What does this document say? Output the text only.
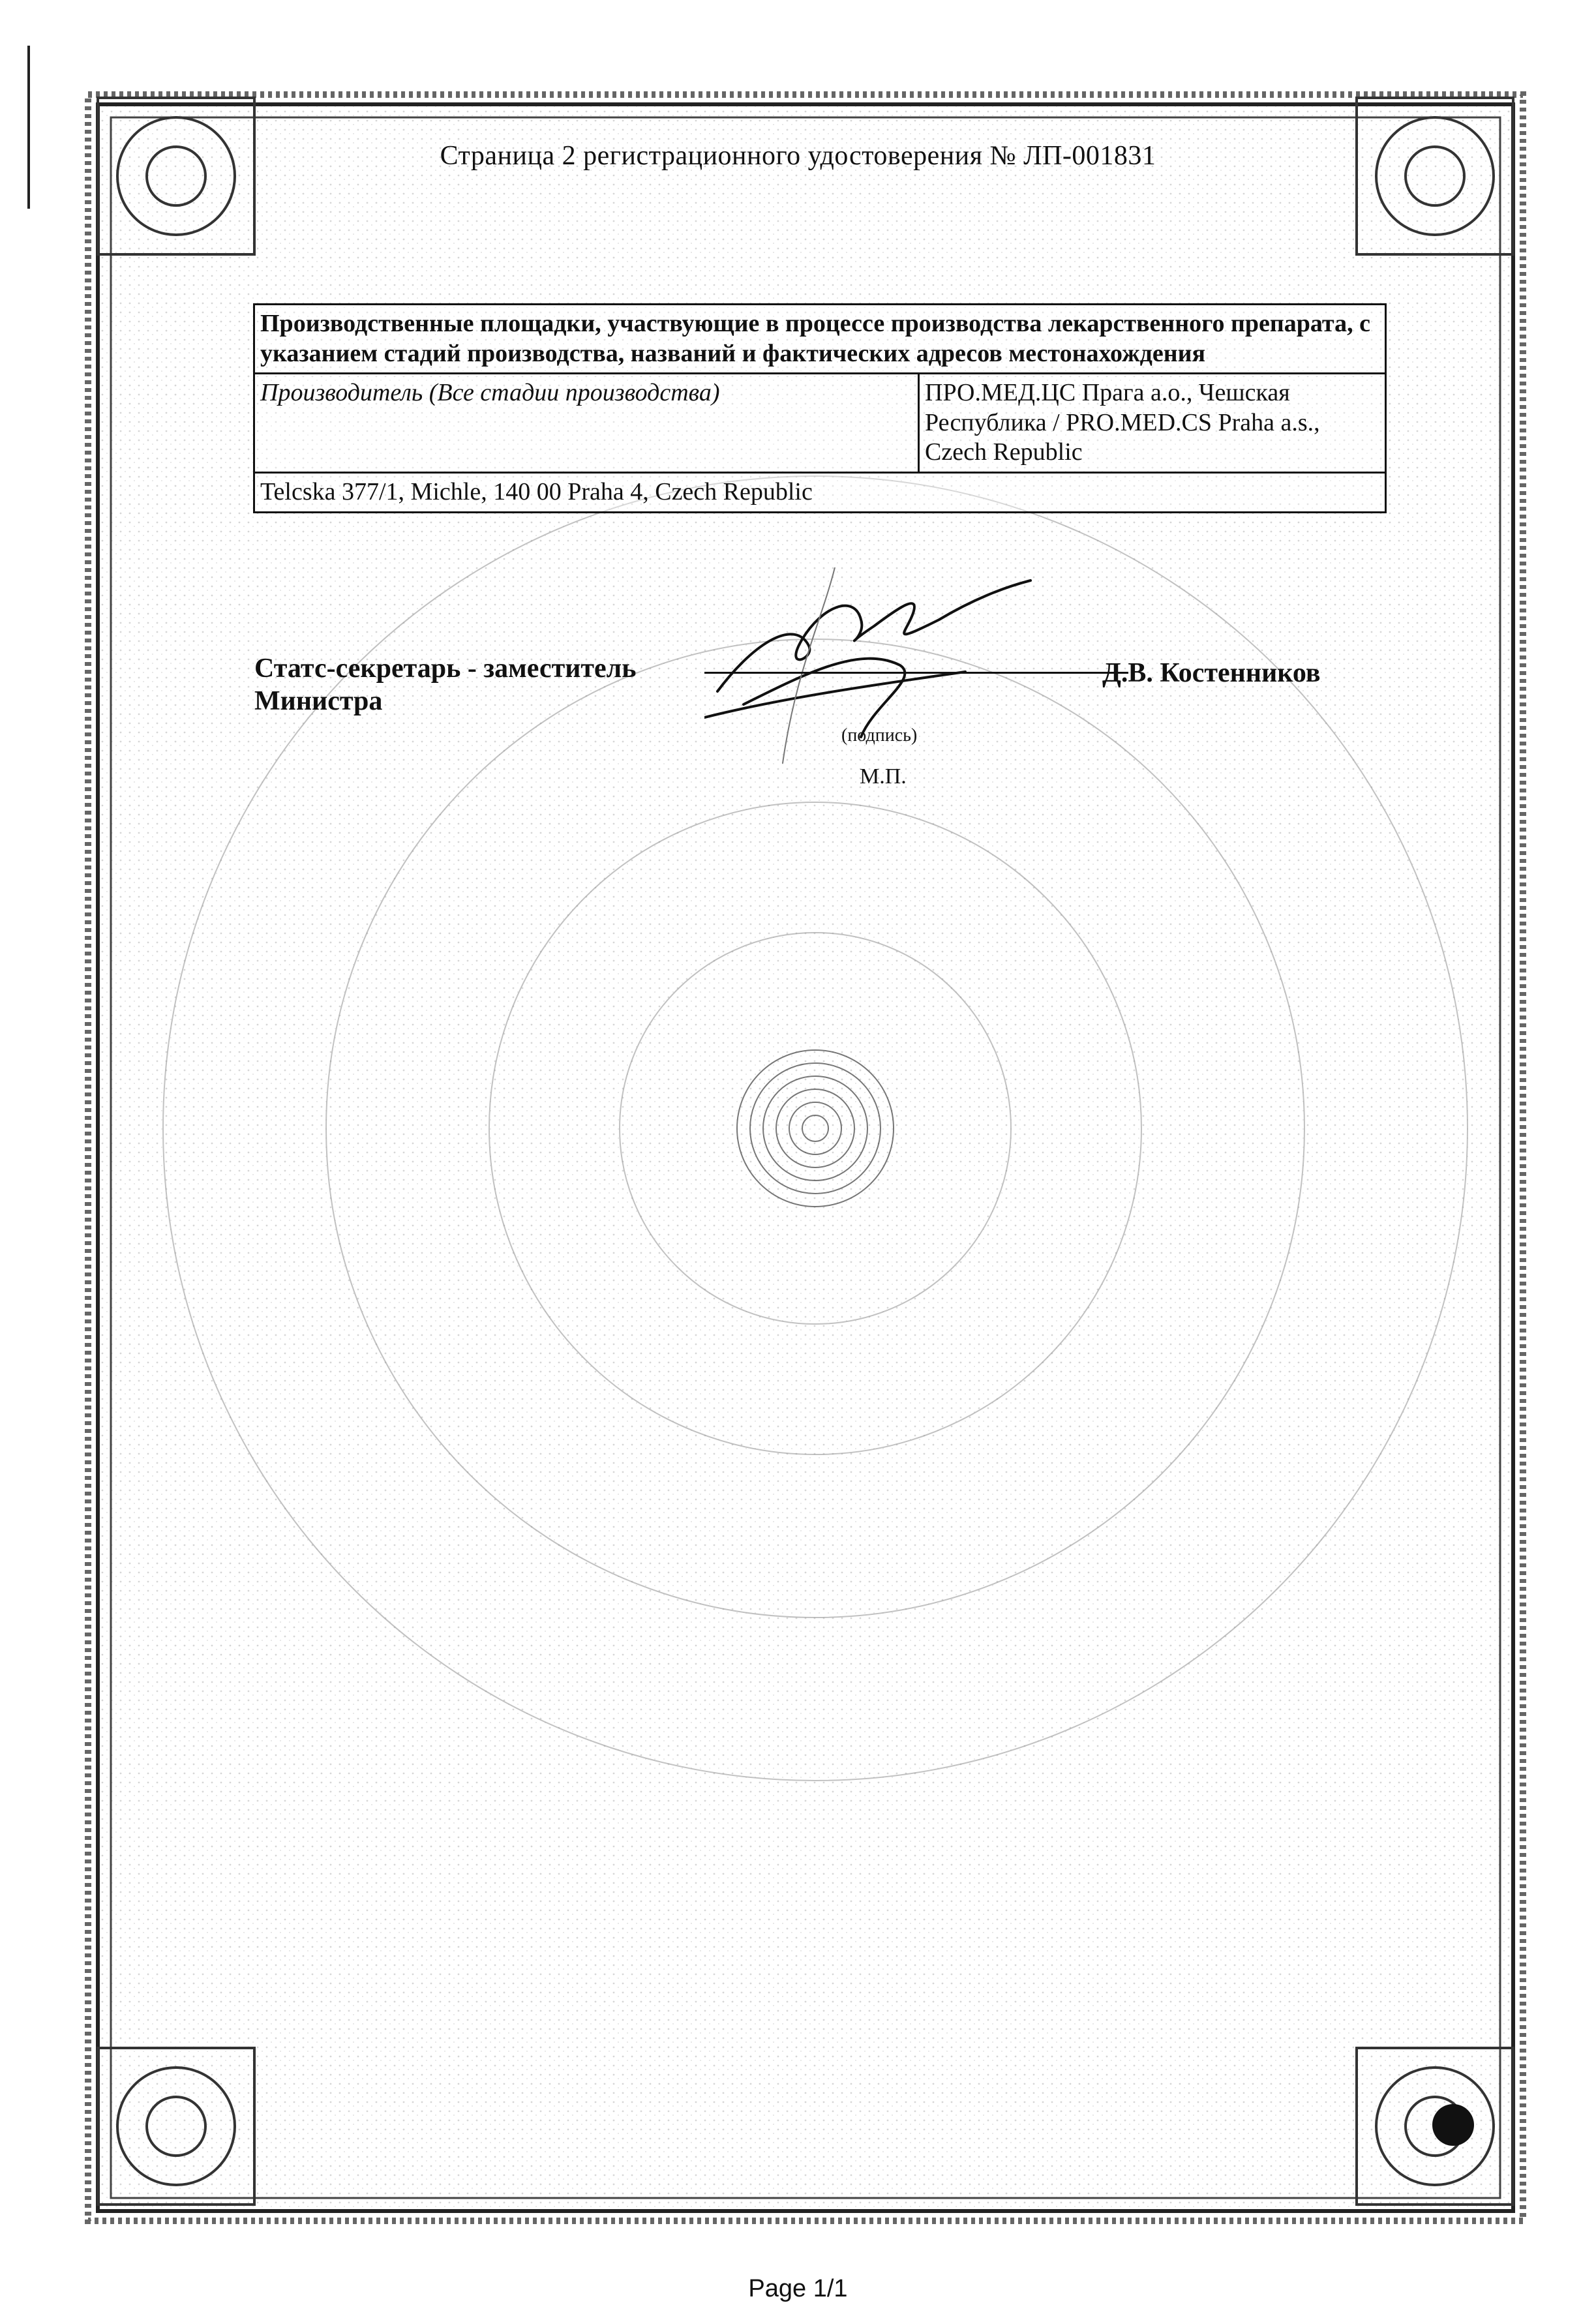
Страница 2 регистрационного удостоверения № ЛП-001831
Производственные площадки, участвующие в процессе производства лекарственного препарата, с указанием стадий производства, названий и фактических адресов местонахождения
Производитель (Все стадии производства)	ПРО.МЕД.ЦС Прага а.о., Чешская Республика / PRO.MED.CS Praha a.s., Czech Republic
Telcska 377/1, Michle, 140 00 Praha 4, Czech Republic
Статс-секретарь - заместитель
Министра
Д.В. Костенников
(подпись)
М.П.
Page 1/1
